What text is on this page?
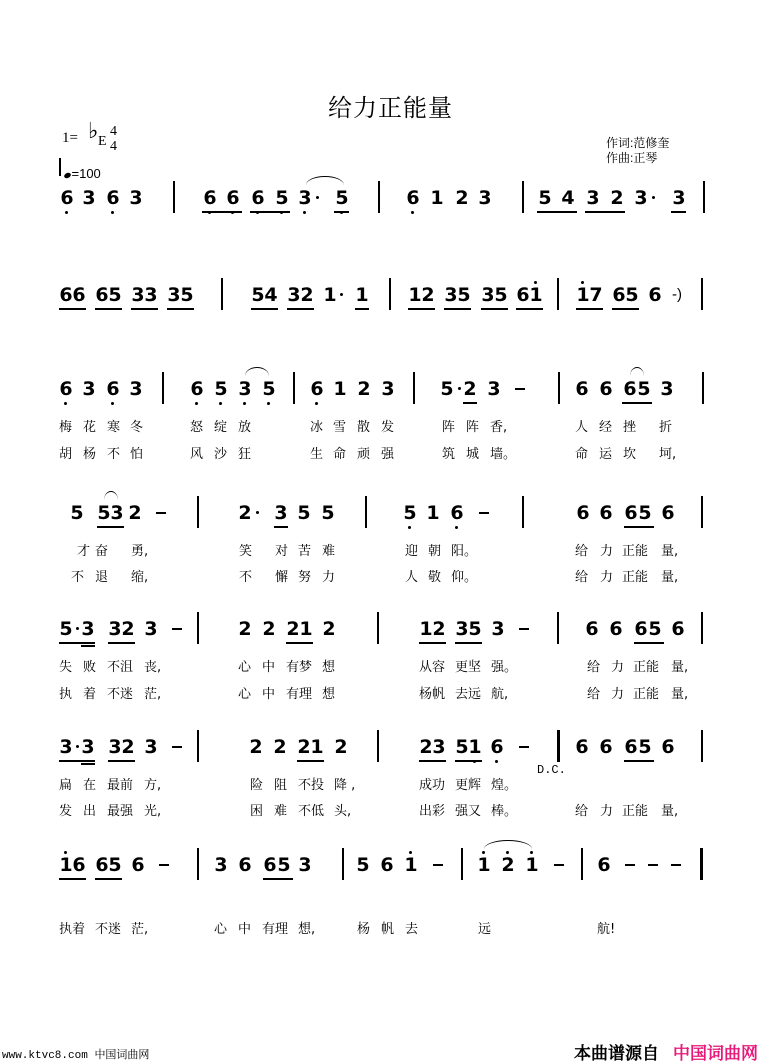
给力正能量
1= ♭ E
4
4
=100
作词:范修奎
作曲:正琴
6 3 6 3	6 6 6 5 3 5	6 1 2 3 5 4 3 2 3 3
6 6 6 5 3 3 3 5	5 4 3 2 1 1 1 2 3 5 3 5 6 1 1 7 6 5 6 -)
6 3 6 3	6 5 3 5 6 1 2 3 5 2 3	6 6 6 5 3
5 5 3 2	2 3 5 5	5 1 6	6 6 6 5 6
5 3 3 2 3	2 2 2 1 2	1 2 3 5 3	6 6 6 5 6
3 3 3 2 3	2 2 2 1 2	2 3 5 1 6	6 6 6 5 6
1 6 6 5 6	3 6 6 5 3 5 6 1	1 2 1	6
梅 花 寒 冬	怒 绽 放	冰 雪 散 发	阵 阵 香,	人 经 挫 折
胡 杨 不 怕	风 沙 狂	生 命 顽 强	筑 城 墙。	命 运 坎 坷,
才 奋 勇,	笑 对 苦 难	迎 朝 阳。	给 力 正能 量,
不 退 缩,	不 懈 努 力	人 敬 仰。	给 力 正能 量,
失 败 不沮 丧,	心 中 有梦 想	从容 更坚 强。	给 力 正能 量,
执 着 不迷 茫,	心 中 有理 想	杨帆 去远 航,	给 力 正能 量,
扁 在 最前 方,	险 阻 不投 降 ,	成功 更辉 煌。
发 出 最强 光,	困 难 不低 头,	出彩 强又 棒。	给 力 正能 量,
执着 不迷 茫,	心 中 有理 想,	杨 帆 去	远	航!
D.C.
www.ktvc8.com 中国词曲网	本曲谱源自 中国词曲网
